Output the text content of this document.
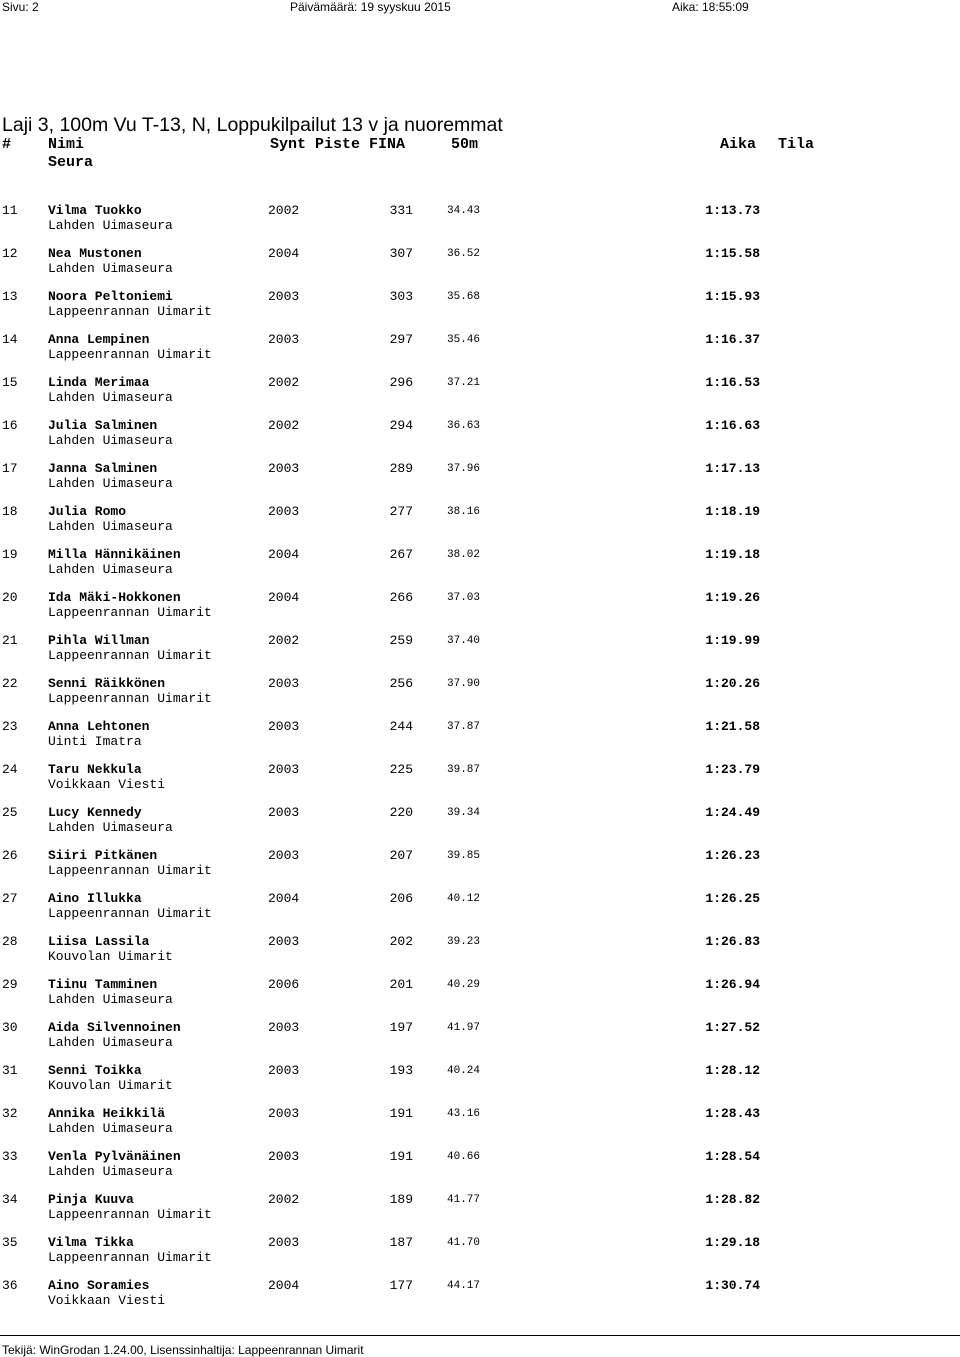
Sivu: 2	Päivämäärä: 19 syyskuu 2015	Aika: 18:55:09
Laji 3, 100m Vu T-13, N, Loppukilpailut 13 v ja nuoremmat
# Nimi	Synt Piste FINA	50m	Aika Tila
Seura
11 Vilma Tuokko
Lahden Uimaseura
2002	331	34.43	1:13.73
12 Nea Mustonen
Lahden Uimaseura
2004	307	36.52	1:15.58
13 Noora Peltoniemi
Lappeenrannan Uimarit
2003	303	35.68	1:15.93
14 Anna Lempinen
Lappeenrannan Uimarit
2003	297	35.46	1:16.37
15 Linda Merimaa
Lahden Uimaseura
2002	296	37.21	1:16.53
16 Julia Salminen
Lahden Uimaseura
2002	294	36.63	1:16.63
17 Janna Salminen
Lahden Uimaseura
2003	289	37.96	1:17.13
18 Julia Romo
Lahden Uimaseura
2003	277	38.16	1:18.19
19 Milla Hännikäinen
Lahden Uimaseura
2004	267	38.02	1:19.18
20 Ida Mäki-Hokkonen
Lappeenrannan Uimarit
2004	266	37.03	1:19.26
21 Pihla Willman
Lappeenrannan Uimarit
2002	259	37.40	1:19.99
22 Senni Räikkönen
Lappeenrannan Uimarit
2003	256	37.90	1:20.26
23 Anna Lehtonen
Uinti Imatra
2003	244	37.87	1:21.58
24 Taru Nekkula
Voikkaan Viesti
2003	225	39.87	1:23.79
25 Lucy Kennedy
Lahden Uimaseura
2003	220	39.34	1:24.49
26 Siiri Pitkänen
Lappeenrannan Uimarit
2003	207	39.85	1:26.23
27 Aino Illukka
Lappeenrannan Uimarit
2004	206	40.12	1:26.25
28 Liisa Lassila
Kouvolan Uimarit
2003	202	39.23	1:26.83
29 Tiinu Tamminen
Lahden Uimaseura
2006	201	40.29	1:26.94
30 Aida Silvennoinen
Lahden Uimaseura
2003	197	41.97	1:27.52
31 Senni Toikka
Kouvolan Uimarit
2003	193	40.24	1:28.12
32 Annika Heikkilä
Lahden Uimaseura
2003	191	43.16	1:28.43
33 Venla Pylvänäinen
Lahden Uimaseura
2003	191	40.66	1:28.54
34 Pinja Kuuva
Lappeenrannan Uimarit
2002	189	41.77	1:28.82
35 Vilma Tikka
Lappeenrannan Uimarit
2003	187	41.70	1:29.18
36 Aino Soramies
Voikkaan Viesti
2004	177	44.17	1:30.74
Tekijä: WinGrodan 1.24.00, Lisenssinhaltija: Lappeenrannan Uimarit
